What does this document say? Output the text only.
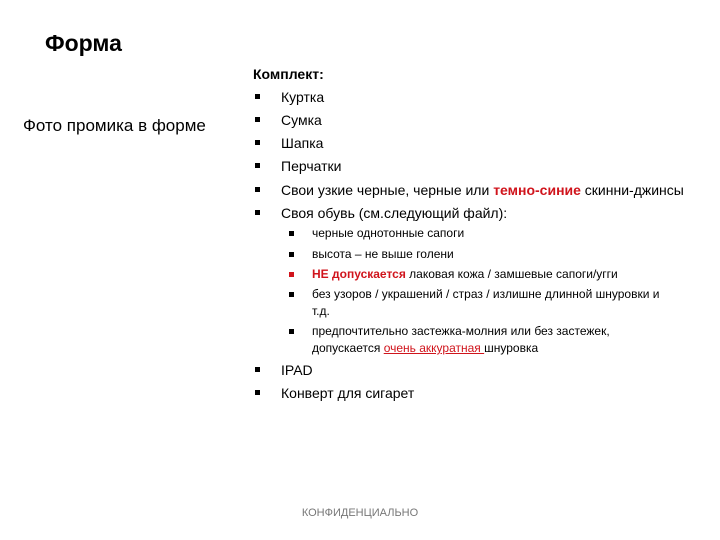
Форма
Фото промика в форме
Комплект:
Куртка
Сумка
Шапка
Перчатки
Свои узкие черные, черные или темно-синие скинни-джинсы
Своя обувь (см.следующий файл):
черные однотонные сапоги
высота – не выше голени
НЕ допускается лаковая кожа / замшевые сапоги/угги
без узоров / украшений / страз / излишне длинной шнуровки и
т.д.
предпочтительно застежка-молния или без застежек,
допускается очень аккуратная шнуровка
IPAD
Конверт для сигарет
КОНФИДЕНЦИАЛЬНО
